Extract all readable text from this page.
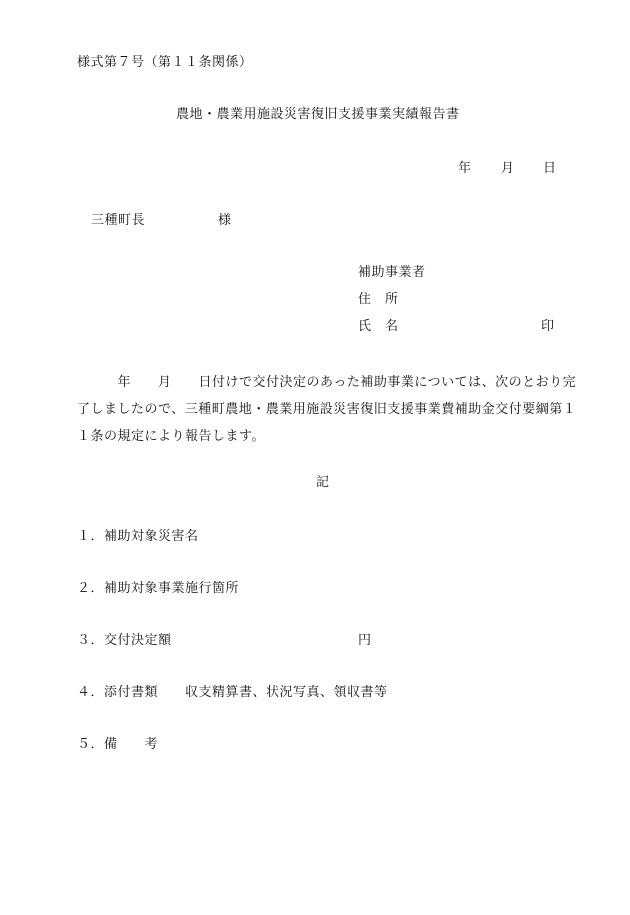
様式第７号（第１１条関係）
農地・農業用施設災害復旧支援事業実績報告書
年 月 日
三種町長	様
補助事業者
住　所
氏　名	印
　　　年　　月　　日付けで交付決定のあった補助事業については、次のとおり完了しましたので、三種町農地・農業用施設災害復旧支援事業費補助金交付要綱第１１条の規定により報告します。
記
１．補助対象災害名
２．補助対象事業施行箇所
３．交付決定額	円
４．添付書類　　収支精算書、状況写真、領収書等
５．備　　考
